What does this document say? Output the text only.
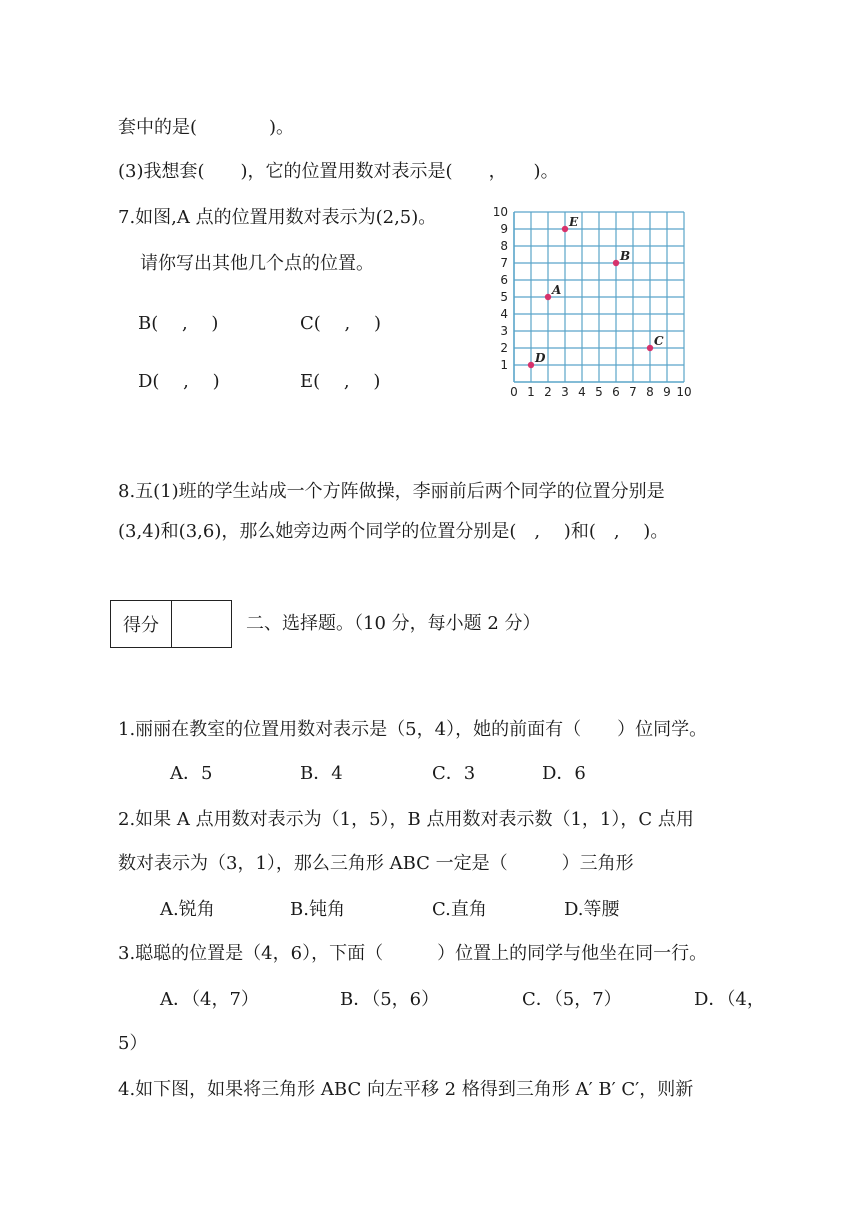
套中的是(　　　　)。
(3)我想套(　　)，它的位置用数对表示是(　　，　　)。
7.如图,A 点的位置用数对表示为(2,5)。
请你写出其他几个点的位置。
B(　 ,　 )	C(　 ,　 )
D(　 ,　 )	E(　 ,　 )	0 1 2 3 4 5 6 7 8 9 10
1
2
3
4
5
6
7
8
9
10
A
B
C
D
E
8.五(1)班的学生站成一个方阵做操，李丽前后两个同学的位置分别是
(3,4)和(3,6)，那么她旁边两个同学的位置分别是(　,　 )和(　,　 )。
得分	二、选择题。（10 分，每小题 2 分）
1.丽丽在教室的位置用数对表示是（5，4），她的前面有（　　）位同学。
A．5	B．4	C．3	D．6
2.如果 A 点用数对表示为（1，5），B 点用数对表示数（1，1），C 点用
数对表示为（3，1），那么三角形 ABC 一定是（　　　）三角形
A.锐角	B.钝角	C.直角	D.等腰
3.聪聪的位置是（4，6），下面（　　　）位置上的同学与他坐在同一行。
A．（4，7）	B．（5，6）	C．（5，7）	D．（4，
5）
4.如下图，如果将三角形 ABC 向左平移 2 格得到三角形 A′ B′ C′，则新
